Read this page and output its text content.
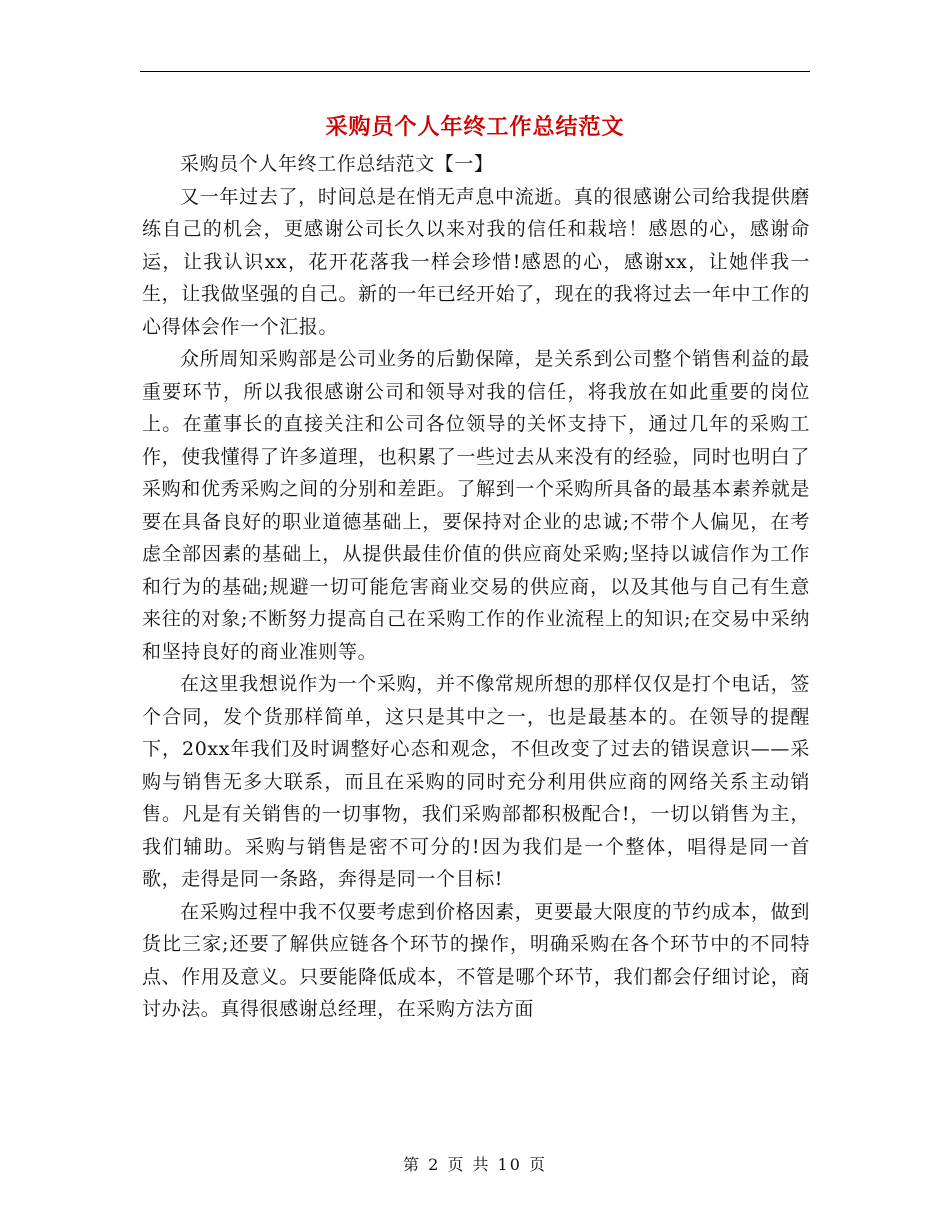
采购员个人年终工作总结范文

采购员个人年终工作总结范文【一】

又一年过去了，时间总是在悄无声息中流逝。真的很感谢公司给我提供磨练自己的机会，更感谢公司长久以来对我的信任和栽培！感恩的心，感谢命运，让我认识xx，花开花落我一样会珍惜!感恩的心，感谢xx，让她伴我一生，让我做坚强的自己。新的一年已经开始了，现在的我将过去一年中工作的心得体会作一个汇报。

众所周知采购部是公司业务的后勤保障，是关系到公司整个销售利益的最重要环节，所以我很感谢公司和领导对我的信任，将我放在如此重要的岗位上。在董事长的直接关注和公司各位领导的关怀支持下，通过几年的采购工作，使我懂得了许多道理，也积累了一些过去从来没有的经验，同时也明白了采购和优秀采购之间的分别和差距。了解到一个采购所具备的最基本素养就是要在具备良好的职业道德基础上，要保持对企业的忠诚;不带个人偏见，在考虑全部因素的基础上，从提供最佳价值的供应商处采购;坚持以诚信作为工作和行为的基础;规避一切可能危害商业交易的供应商，以及其他与自己有生意来往的对象;不断努力提高自己在采购工作的作业流程上的知识;在交易中采纳和坚持良好的商业准则等。

在这里我想说作为一个采购，并不像常规所想的那样仅仅是打个电话，签个合同，发个货那样简单，这只是其中之一，也是最基本的。在领导的提醒下，20xx年我们及时调整好心态和观念，不但改变了过去的错误意识——采购与销售无多大联系，而且在采购的同时充分利用供应商的网络关系主动销售。凡是有关销售的一切事物，我们采购部都积极配合!，一切以销售为主，我们辅助。采购与销售是密不可分的!因为我们是一个整体，唱得是同一首歌，走得是同一条路，奔得是同一个目标!

在采购过程中我不仅要考虑到价格因素，更要最大限度的节约成本，做到货比三家;还要了解供应链各个环节的操作，明确采购在各个环节中的不同特点、作用及意义。只要能降低成本，不管是哪个环节，我们都会仔细讨论，商讨办法。真得很感谢总经理，在采购方法方面

第 2 页 共 10 页
